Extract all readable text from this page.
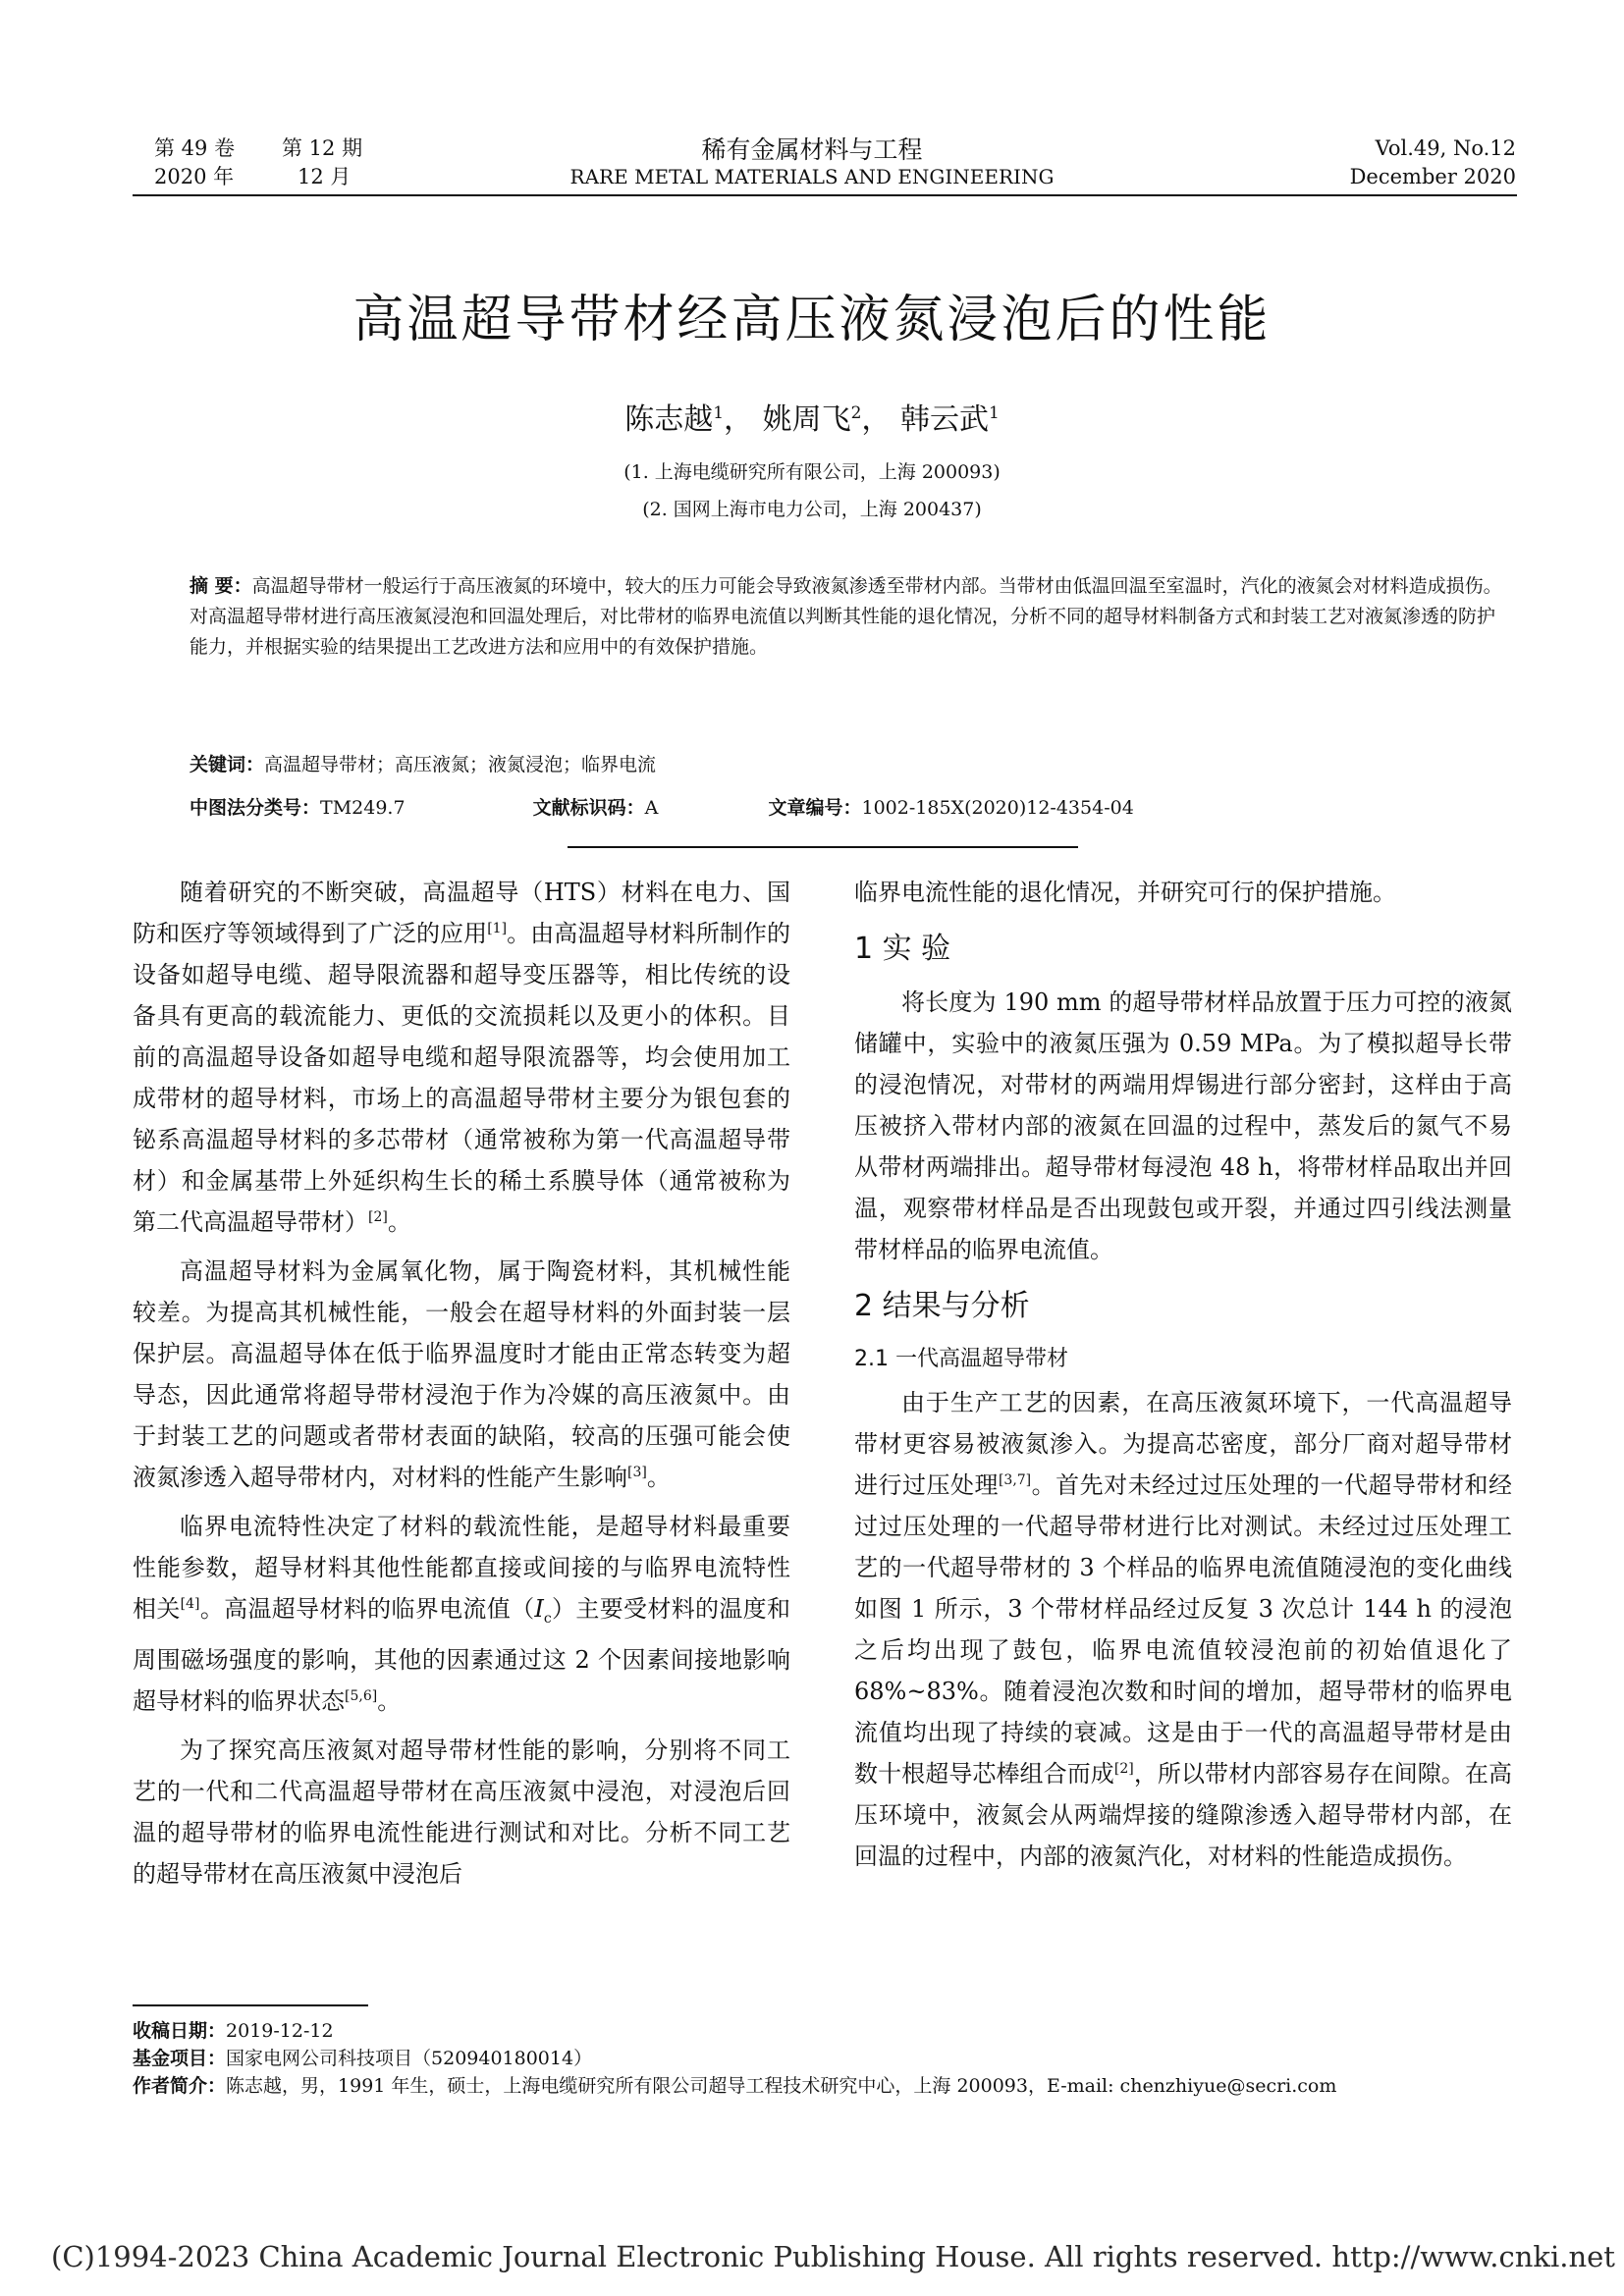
第 49 卷 第 12 期
2020 年	12 月
稀有金属材料与工程
RARE METAL MATERIALS AND ENGINEERING
Vol.49, No.12
December 2020
高温超导带材经高压液氮浸泡后的性能
陈志越$^1$， 姚周飞$^2$， 韩云武$^1$
(1. 上海电缆研究所有限公司，上海 200093)
(2. 国网上海市电力公司，上海 200437)
摘 要：高温超导带材一般运行于高压液氮的环境中，较大的压力可能会导致液氮渗透至带材内部。当带材由低温回温至室温时，汽化的液氮会对材料造成损伤。对高温超导带材进行高压液氮浸泡和回温处理后，对比带材的临界电流值以判断其性能的退化情况，分析不同的超导材料制备方式和封装工艺对液氮渗透的防护能力，并根据实验的结果提出工艺改进方法和应用中的有效保护措施。
关键词：高温超导带材；高压液氮；液氮浸泡；临界电流
中图法分类号：TM249.7	文献标识码：A	文章编号：1002-185X(2020)12-4354-04

随着研究的不断突破，高温超导（HTS）材料在电力、国防和医疗等领域得到了广泛的应用[1]。由高温超导材料所制作的设备如超导电缆、超导限流器和超导变压器等，相比传统的设备具有更高的载流能力、更低的交流损耗以及更小的体积。目前的高温超导设备如超导电缆和超导限流器等，均会使用加工成带材的超导材料，市场上的高温超导带材主要分为银包套的铋系高温超导材料的多芯带材（通常被称为第一代高温超导带材）和金属基带上外延织构生长的稀土系膜导体（通常被称为第二代高温超导带材）[2]。

高温超导材料为金属氧化物，属于陶瓷材料，其机械性能较差。为提高其机械性能，一般会在超导材料的外面封装一层保护层。高温超导体在低于临界温度时才能由正常态转变为超导态，因此通常将超导带材浸泡于作为冷媒的高压液氮中。由于封装工艺的问题或者带材表面的缺陷，较高的压强可能会使液氮渗透入超导带材内，对材料的性能产生影响[3]。

临界电流特性决定了材料的载流性能，是超导材料最重要性能参数，超导材料其他性能都直接或间接的与临界电流特性相关[4]。高温超导材料的临界电流值$(I_c)$主要受材料的温度和周围磁场强度的影响，其他的因素通过这 2 个因素间接地影响超导材料的临界状态[5,6]。

为了探究高压液氮对超导带材性能的影响，分别将不同工艺的一代和二代高温超导带材在高压液氮中浸泡，对浸泡后回温的超导带材的临界电流性能进行测试和对比。分析不同工艺的超导带材在高压液氮中浸泡后

临界电流性能的退化情况，并研究可行的保护措施。
1 实 验

将长度为 190 mm 的超导带材样品放置于压力可控的液氮储罐中，实验中的液氮压强为 0.59 MPa。为了模拟超导长带的浸泡情况，对带材的两端用焊锡进行部分密封，这样由于高压被挤入带材内部的液氮在回温的过程中，蒸发后的氮气不易从带材两端排出。超导带材每浸泡 48 h，将带材样品取出并回温，观察带材样品是否出现鼓包或开裂，并通过四引线法测量带材样品的临界电流值。

2 结果与分析
2.1 一代高温超导带材

由于生产工艺的因素，在高压液氮环境下，一代高温超导带材更容易被液氮渗入。为提高芯密度，部分厂商对超导带材进行过压处理[3,7]。首先对未经过过压处理的一代超导带材和经过过压处理的一代超导带材进行比对测试。未经过过压处理工艺的一代超导带材的 3 个样品的临界电流值随浸泡的变化曲线如图 1 所示，3 个带材样品经过反复 3 次总计 144 h 的浸泡之后均出现了鼓包，临界电流值较浸泡前的初始值退化了 68%~83%。随着浸泡次数和时间的增加，超导带材的临界电流值均出现了持续的衰减。这是由于一代的高温超导带材是由数十根超导芯棒组合而成[2]，所以带材内部容易存在间隙。在高压环境中，液氮会从两端焊接的缝隙渗透入超导带材内部，在回温的过程中，内部的液氮汽化，对材料的性能造成损伤。

收稿日期：2019-12-12
基金项目：国家电网公司科技项目（520940180014）
作者简介：陈志越，男，1991 年生，硕士，上海电缆研究所有限公司超导工程技术研究中心，上海 200093，E-mail: chenzhiyue@secri.com
(C)1994-2023 China Academic Journal Electronic Publishing House. All rights reserved. http://www.cnki.net
